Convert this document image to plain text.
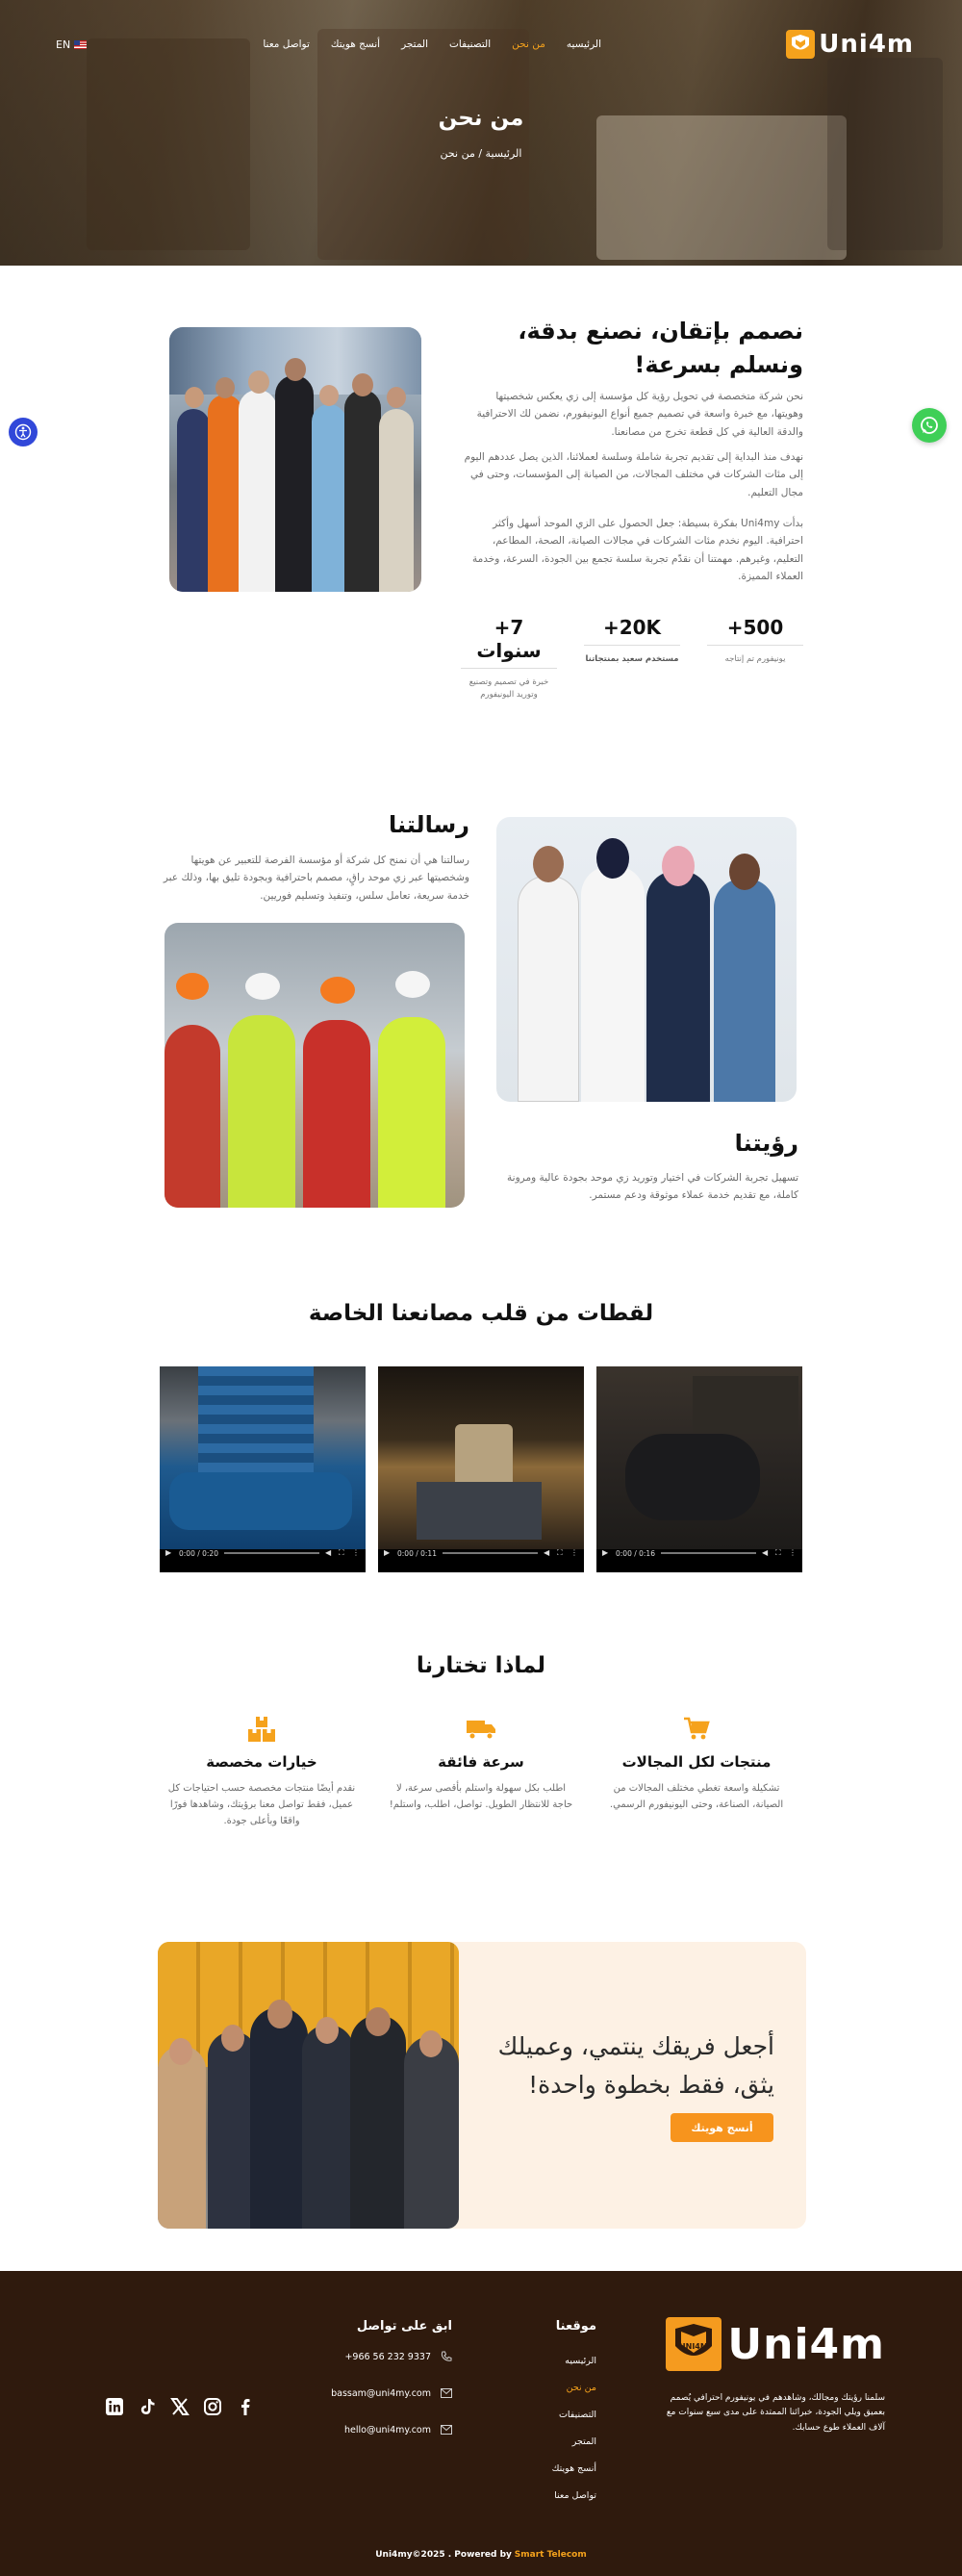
Uni4m
الرئيسيه
من نحن
التصنيفات
المتجر
أنسج هويتك
تواصل معنا
EN
من نحن
الرئيسية / من نحن
نصمم بإتقان، نصنع بدقة، ونسلم بسرعة!
نحن شركة متخصصة في تحويل رؤية كل مؤسسة إلى زي يعكس شخصيتها وهويتها، مع خبرة واسعة في تصميم جميع أنواع اليونيفورم، نضمن لك الاحترافية والدقة العالية في كل قطعة تخرج من مصانعنا.
نهدف منذ البداية إلى تقديم تجربة شاملة وسلسة لعملائنا، الذين يصل عددهم اليوم إلى مئات الشركات في مختلف المجالات، من الصيانة إلى المؤسسات، وحتى في مجال التعليم.
بدأت Uni4my بفكرة بسيطة: جعل الحصول على الزي الموحد أسهل وأكثر احترافية. اليوم نخدم مئات الشركات في مجالات الصيانة، الصحة، المطاعم، التعليم، وغيرهم. مهمتنا أن نقدّم تجربة سلسة تجمع بين الجودة، السرعة، وخدمة العملاء المميزة.
500+
يونيفورم تم إنتاجه
20K+
مستخدم سعيد بمنتجاتنا
7+ سنوات
خبرة في تصميم وتصنيع وتوريد اليونيفورم
رسالتنا
رسالتنا هي أن نمنح كل شركة أو مؤسسة الفرصة للتعبير عن هويتها وشخصيتها عبر زي موحد راقٍ، مصمم باحترافية وبجودة تليق بها، وذلك عبر خدمة سريعة، تعامل سلس، وتنفيذ وتسليم فوريين.
رؤيتنا
تسهيل تجربة الشركات في اختيار وتوريد زي موحد بجودة عالية ومرونة كاملة، مع تقديم خدمة عملاء موثوقة ودعم مستمر.
لقطات من قلب مصانعنا الخاصة
▶ 0:00 / 0:16	◀ ⛶ ⋮
▶ 0:00 / 0:11	◀ ⛶ ⋮
▶ 0:00 / 0:20	◀ ⛶ ⋮
لماذا تختارنا
منتجات لكل المجالات
تشكيلة واسعة تغطي مختلف المجالات من الصيانة، الصناعة، وحتى اليونيفورم الرسمي.
سرعة فائقة
اطلب بكل سهولة واستلم بأقصى سرعة، لا حاجة للانتظار الطويل. تواصل، اطلب، واستلم!
خيارات مخصصة
نقدم أيضًا منتجات مخصصة حسب احتياجات كل عميل، فقط تواصل معنا برؤيتك، وشاهدها فورًا واقعًا وبأعلى جودة.
أجعل فريقك ينتمي، وعميلك
يثق، فقط بخطوة واحدة!
أنسج هويتك
UNI4M Uni4m
سلمنا رؤيتك ومجالك، وشاهدهم في يونيفورم احترافي يُصمم بعميق ويلي الجودة، خبرائنا الممتدة على مدى سبع سنوات مع آلاف العملاء طوع حسابك.
موقعنا
الرئيسيه
من نحن
التصنيفات
المتجر
أنسج هويتك
تواصل معنا
ابق على تواصل
+966 56 232 9337
bassam@uni4my.com
hello@uni4my.com
Uni4my©2025 . Powered by Smart Telecom
